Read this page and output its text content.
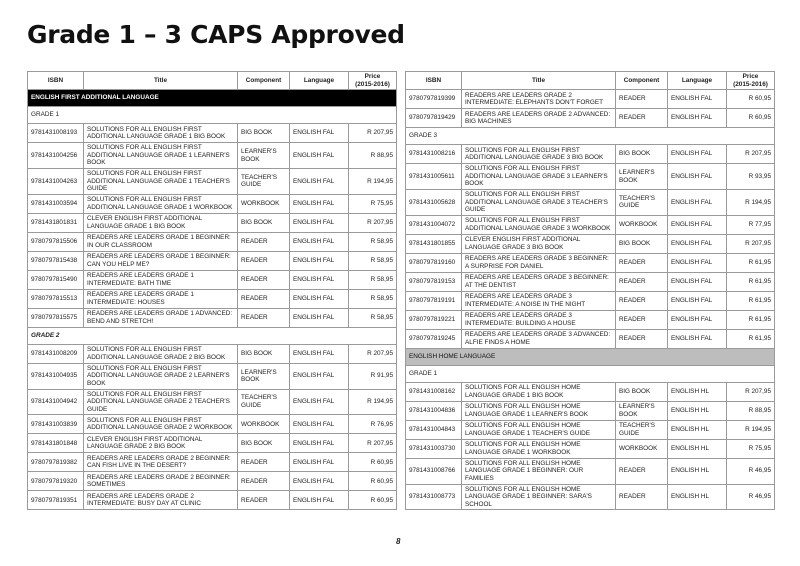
Grade 1 – 3 CAPS Approved
ISBN	Title	Component	Language	Price
(2015-2016)
ENGLISH FIRST ADDITIONAL LANGUAGE				
GRADE 1				
9781431008193	SOLUTIONS FOR ALL ENGLISH FIRST ADDITIONAL LANGUAGE GRADE 1 BIG BOOK	BIG BOOK	ENGLISH FAL	R 207,95
9781431004256	SOLUTIONS FOR ALL ENGLISH FIRST ADDITIONAL LANGUAGE GRADE 1 LEARNER'S BOOK	LEARNER'S BOOK	ENGLISH FAL	R 88,95
9781431004263	SOLUTIONS FOR ALL ENGLISH FIRST ADDITIONAL LANGUAGE GRADE 1 TEACHER'S GUIDE	TEACHER'S GUIDE	ENGLISH FAL	R 194,95
9781431003594	SOLUTIONS FOR ALL ENGLISH FIRST ADDITIONAL LANGUAGE GRADE 1 WORKBOOK	WORKBOOK	ENGLISH FAL	R 75,95
9781431801831	CLEVER ENGLISH FIRST ADDITIONAL LANGUAGE GRADE 1 BIG BOOK	BIG BOOK	ENGLISH FAL	R 207,95
9780797815506	READERS ARE LEADERS GRADE 1 BEGINNER: IN OUR CLASSROOM	READER	ENGLISH FAL	R 58,95
9780797815438	READERS ARE LEADERS GRADE 1 BEGINNER: CAN YOU HELP ME?	READER	ENGLISH FAL	R 58,95
9780797815490	READERS ARE LEADERS GRADE 1 INTERMEDIATE: BATH TIME	READER	ENGLISH FAL	R 58,95
9780797815513	READERS ARE LEADERS GRADE 1 INTERMEDIATE: HOUSES	READER	ENGLISH FAL	R 58,95
9780797815575	READERS ARE LEADERS GRADE 1 ADVANCED: BEND AND STRETCH!	READER	ENGLISH FAL	R 58,95
GRADE 2				
9781431008209	SOLUTIONS FOR ALL ENGLISH FIRST ADDITIONAL LANGUAGE GRADE 2 BIG BOOK	BIG BOOK	ENGLISH FAL	R 207,95
9781431004935	SOLUTIONS FOR ALL ENGLISH FIRST ADDITIONAL LANGUAGE GRADE 2 LEARNER'S BOOK	LEARNER'S BOOK	ENGLISH FAL	R 91,95
9781431004942	SOLUTIONS FOR ALL ENGLISH FIRST ADDITIONAL LANGUAGE GRADE 2 TEACHER'S GUIDE	TEACHER'S GUIDE	ENGLISH FAL	R 194,95
9781431003839	SOLUTIONS FOR ALL ENGLISH FIRST ADDITIONAL LANGUAGE GRADE 2 WORKBOOK	WORKBOOK	ENGLISH FAL	R 76,95
9781431801848	CLEVER ENGLISH FIRST ADDITIONAL LANGUAGE GRADE 2 BIG BOOK	BIG BOOK	ENGLISH FAL	R 207,95
9780797819382	READERS ARE LEADERS GRADE 2 BEGINNER: CAN FISH LIVE IN THE DESERT?	READER	ENGLISH FAL	R 60,95
9780797819320	READERS ARE LEADERS GRADE 2 BEGINNER: SOMETIMES	READER	ENGLISH FAL	R 60,95
9780797819351	READERS ARE LEADERS GRADE 2 INTERMEDIATE: BUSY DAY AT CLINIC	READER	ENGLISH FAL	R 60,95
ISBN	Title	Component	Language	Price
(2015-2016)
9780797819399	READERS ARE LEADERS GRADE 2 INTERMEDIATE: ELEPHANTS DON'T FORGET	READER	ENGLISH FAL	R 60,95
9780797819429	READERS ARE LEADERS GRADE 2 ADVANCED: BIG MACHINES	READER	ENGLISH FAL	R 60,95
GRADE 3				
9781431008216	SOLUTIONS FOR ALL ENGLISH FIRST ADDITIONAL LANGUAGE GRADE 3 BIG BOOK	BIG BOOK	ENGLISH FAL	R 207,95
9781431005611	SOLUTIONS FOR ALL ENGLISH FIRST ADDITIONAL LANGUAGE GRADE 3 LEARNER'S BOOK	LEARNER'S BOOK	ENGLISH FAL	R 93,95
9781431005628	SOLUTIONS FOR ALL ENGLISH FIRST ADDITIONAL LANGUAGE GRADE 3 TEACHER'S GUIDE	TEACHER'S GUIDE	ENGLISH FAL	R 194,95
9781431004072	SOLUTIONS FOR ALL ENGLISH FIRST ADDITIONAL LANGUAGE GRADE 3 WORKBOOK	WORKBOOK	ENGLISH FAL	R 77,95
9781431801855	CLEVER ENGLISH FIRST ADDITIONAL LANGUAGE GRADE 3 BIG BOOK	BIG BOOK	ENGLISH FAL	R 207,95
9780797819160	READERS ARE LEADERS GRADE 3 BEGINNER: A SURPRISE FOR DANIEL	READER	ENGLISH FAL	R 61,95
9780797819153	READERS ARE LEADERS GRADE 3 BEGINNER: AT THE DENTIST	READER	ENGLISH FAL	R 61,95
9780797819191	READERS ARE LEADERS GRADE 3 INTERMEDIATE: A NOISE IN THE NIGHT	READER	ENGLISH FAL	R 61,95
9780797819221	READERS ARE LEADERS GRADE 3 INTERMEDIATE: BUILDING A HOUSE	READER	ENGLISH FAL	R 61,95
9780797819245	READERS ARE LEADERS GRADE 3 ADVANCED: ALFIE FINDS A HOME	READER	ENGLISH FAL	R 61,95
ENGLISH HOME LANGUAGE				
GRADE 1				
9781431008162	SOLUTIONS FOR ALL ENGLISH HOME LANGUAGE GRADE 1 BIG BOOK	BIG BOOK	ENGLISH HL	R 207,95
9781431004836	SOLUTIONS FOR ALL ENGLISH HOME LANGUAGE GRADE 1 LEARNER'S BOOK	LEARNER'S BOOK	ENGLISH HL	R 88,95
9781431004843	SOLUTIONS FOR ALL ENGLISH HOME LANGUAGE GRADE 1 TEACHER'S GUIDE	TEACHER'S GUIDE	ENGLISH HL	R 194,95
9781431003730	SOLUTIONS FOR ALL ENGLISH HOME LANGUAGE GRADE 1 WORKBOOK	WORKBOOK	ENGLISH HL	R 75,95
9781431008766	SOLUTIONS FOR ALL ENGLISH HOME LANGUAGE GRADE 1 BEGINNER: OUR FAMILIES	READER	ENGLISH HL	R 46,95
9781431008773	SOLUTIONS FOR ALL ENGLISH HOME LANGUAGE GRADE 1 BEGINNER: SARA'S SCHOOL	READER	ENGLISH HL	R 46,95
8
